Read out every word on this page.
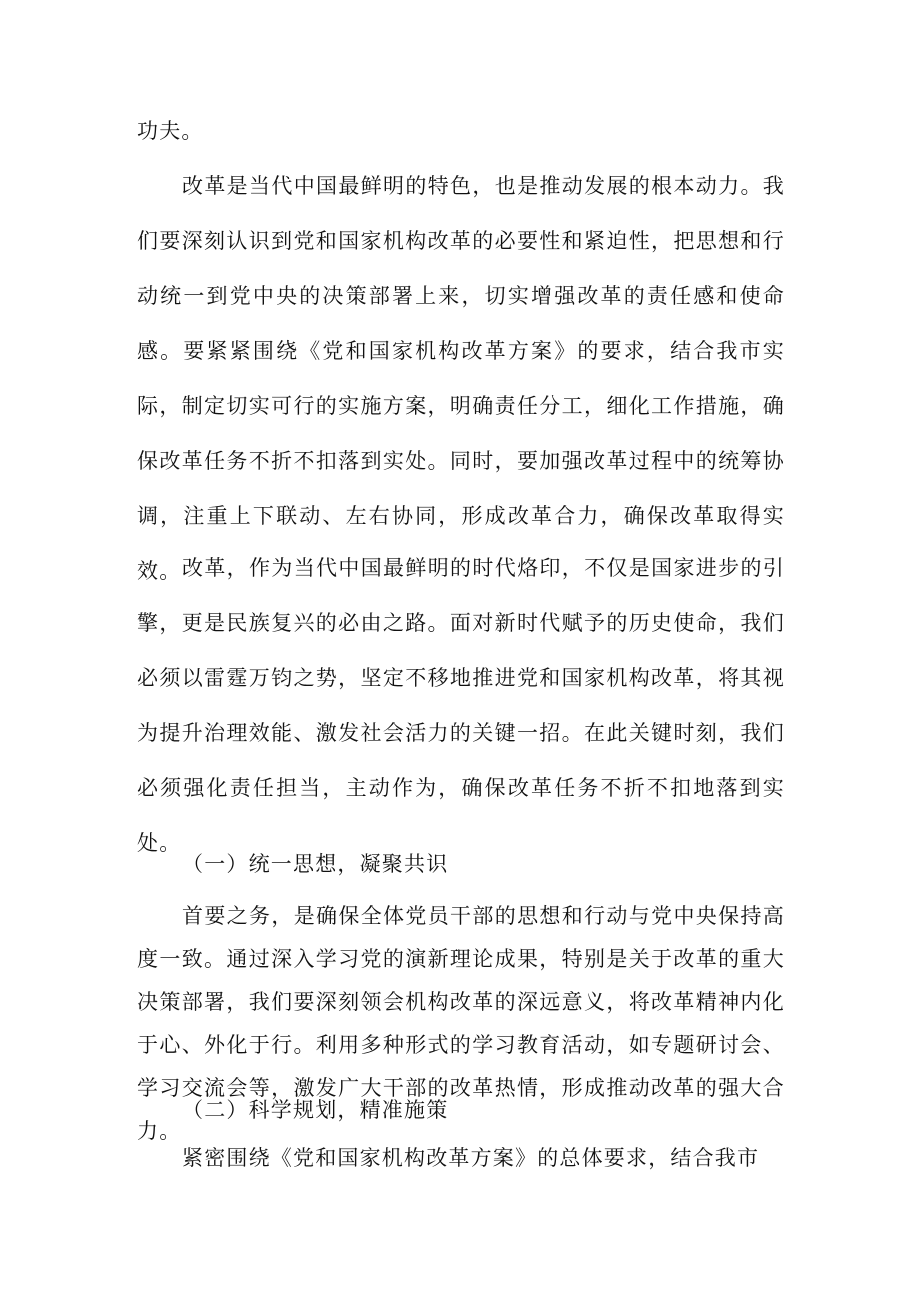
功夫。

改革是当代中国最鲜明的特色，也是推动发展的根本动力。我们要深刻认识到党和国家机构改革的必要性和紧迫性，把思想和行动统一到党中央的决策部署上来，切实增强改革的责任感和使命感。要紧紧围绕《党和国家机构改革方案》的要求，结合我市实际，制定切实可行的实施方案，明确责任分工，细化工作措施，确保改革任务不折不扣落到实处。同时，要加强改革过程中的统筹协调，注重上下联动、左右协同，形成改革合力，确保改革取得实效。 改革，作为当代中国最鲜明的时代烙印，不仅是国家进步的引擎，更是民族复兴的必由之路。面对新时代赋予的历史使命，我们必须以雷霆万钧之势，坚定不移地推进党和国家机构改革，将其视为提升治理效能、激发社会活力的关键一招。在此关键时刻，我们必须强化责任担当，主动作为，确保改革任务不折不扣地落到实处。

（一）统一思想，凝聚共识

首要之务，是确保全体党员干部的思想和行动与党中央保持高度一致。通过深入学习党的演新理论成果，特别是关于改革的重大决策部署，我们要深刻领会机构改革的深远意义，将改革精神内化于心、外化于行。利用多种形式的学习教育活动，如专题研讨会、学习交流会等，激发广大干部的改革热情，形成推动改革的强大合力。

（二）科学规划，精准施策

紧密围绕《党和国家机构改革方案》的总体要求，结合我市
